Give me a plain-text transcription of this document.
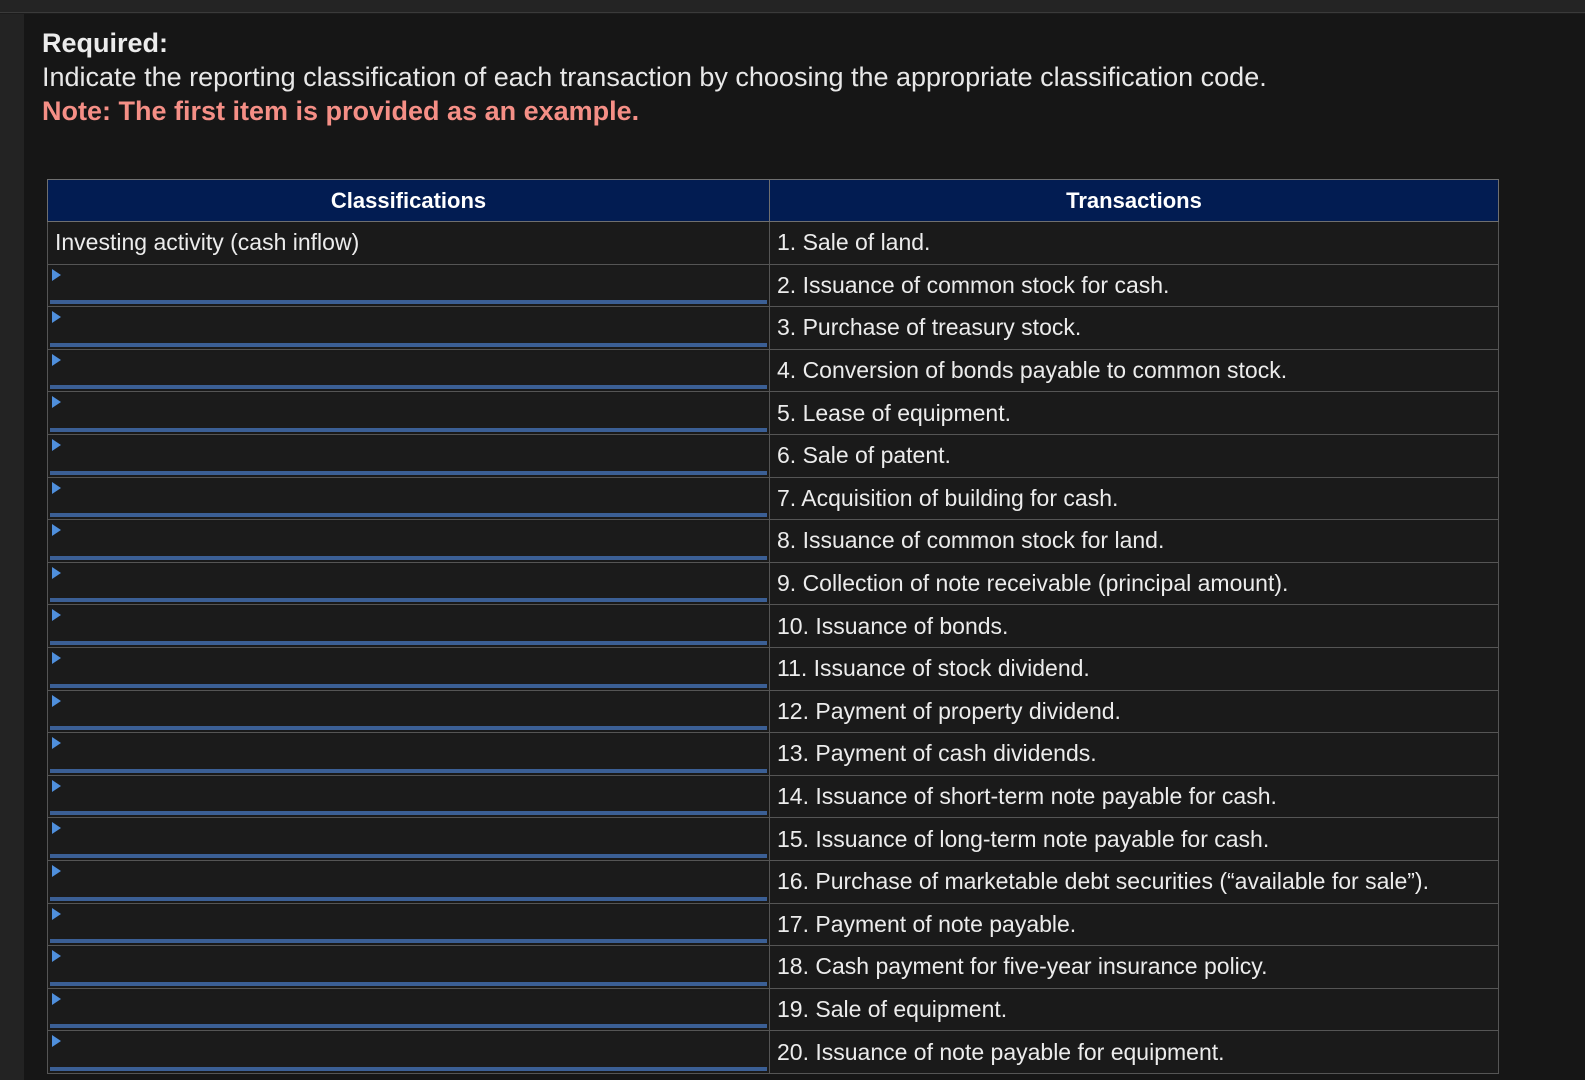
Required:
Indicate the reporting classification of each transaction by choosing the appropriate classification code.
Note: The first item is provided as an example.
Classifications	Transactions
Investing activity (cash inflow)	1. Sale of land.

	2. Issuance of common stock for cash.

	3. Purchase of treasury stock.

	4. Conversion of bonds payable to common stock.

	5. Lease of equipment.

	6. Sale of patent.

	7. Acquisition of building for cash.

	8. Issuance of common stock for land.

	9. Collection of note receivable (principal amount).

	10. Issuance of bonds.

	11. Issuance of stock dividend.

	12. Payment of property dividend.

	13. Payment of cash dividends.

	14. Issuance of short-term note payable for cash.

	15. Issuance of long-term note payable for cash.

	16. Purchase of marketable debt securities (“available for sale”).

	17. Payment of note payable.

	18. Cash payment for five-year insurance policy.

	19. Sale of equipment.

	20. Issuance of note payable for equipment.
